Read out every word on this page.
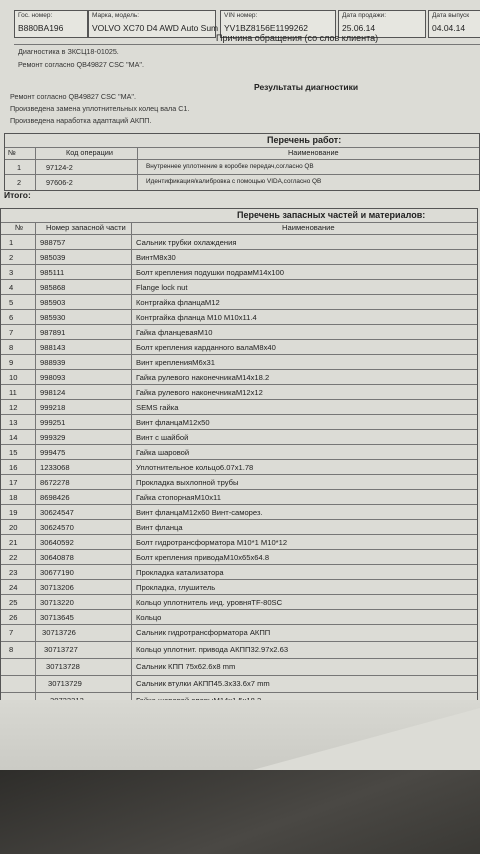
Гос. номер:
B880BA196
Марка, модель:
VOLVO XC70 D4 AWD Auto Sum
VIN номер:
YV1BZ8156E1199262
Дата продажи:
25.06.14
Дата выпуск
04.04.14
Причина обращения (со слов клиента)
Диагностика в ЗКСЦ18-01025.
Ремонт согласно QB49827 CSC "MA".
Результаты диагностики
Ремонт согласно QB49827 CSC "MA".
Произведена замена уплотнительных колец вала C1.
Произведена наработка адаптаций АКПП.
Перечень работ:
№	Код операции	Наименование
1	97124-2	Внутреннее уплотнение в коробке передач,согласно QB
2	97606-2	Идентификация/калибровка с помощью VIDA,согласно QB
Итого:
Перечень запасных частей и материалов:
№	Номер запасной части	Наименование
1	988757	Сальник трубки охлаждения
2	985039	ВинтM8x30
3	985111	Болт крепления подушки подрамM14x100
4	985868	Flange lock nut
5	985903	Контргайка фланцаM12
6	985930	Контргайка фланца M10 M10x11.4
7	987891	Гайка фланцеваяM10
8	988143	Болт крепления карданного валаM8x40
9	988939	Винт крепленияM6x31
10	998093	Гайка рулевого наконечникаM14x18.2
11	998124	Гайка рулевого наконечникаM12x12
12	999218	SEMS гайка
13	999251	Винт фланцаM12x50
14	999329	Винт с шайбой
15	999475	Гайка шаровой
16	1233068	Уплотнительное кольцо6.07x1.78
17	8672278	Прокладка выхлопной трубы
18	8698426	Гайка стопорнаяM10x11
19	30624547	Винт фланцаM12x60 Винт-саморез.
20	30624570	Винт фланца
21	30640592	Болт гидротрансформатора M10*1 M10*12
22	30640878	Болт крепления приводаM10x65x64.8
23	30677190	Прокладка катализатора
24	30713206	Прокладка, глушитель
25	30713220	Кольцо уплотнитель инд. уровняTF-80SC
26	30713645	Кольцо
7	30713726	Сальник гидротрансформатора АКПП
8	30713727	Кольцо уплотнит. привода АКПП32.97x2.63
30713728	Сальник КПП 75x62.6x8 mm
30713729	Сальник втулки АКПП45.3x33.6x7 mm
